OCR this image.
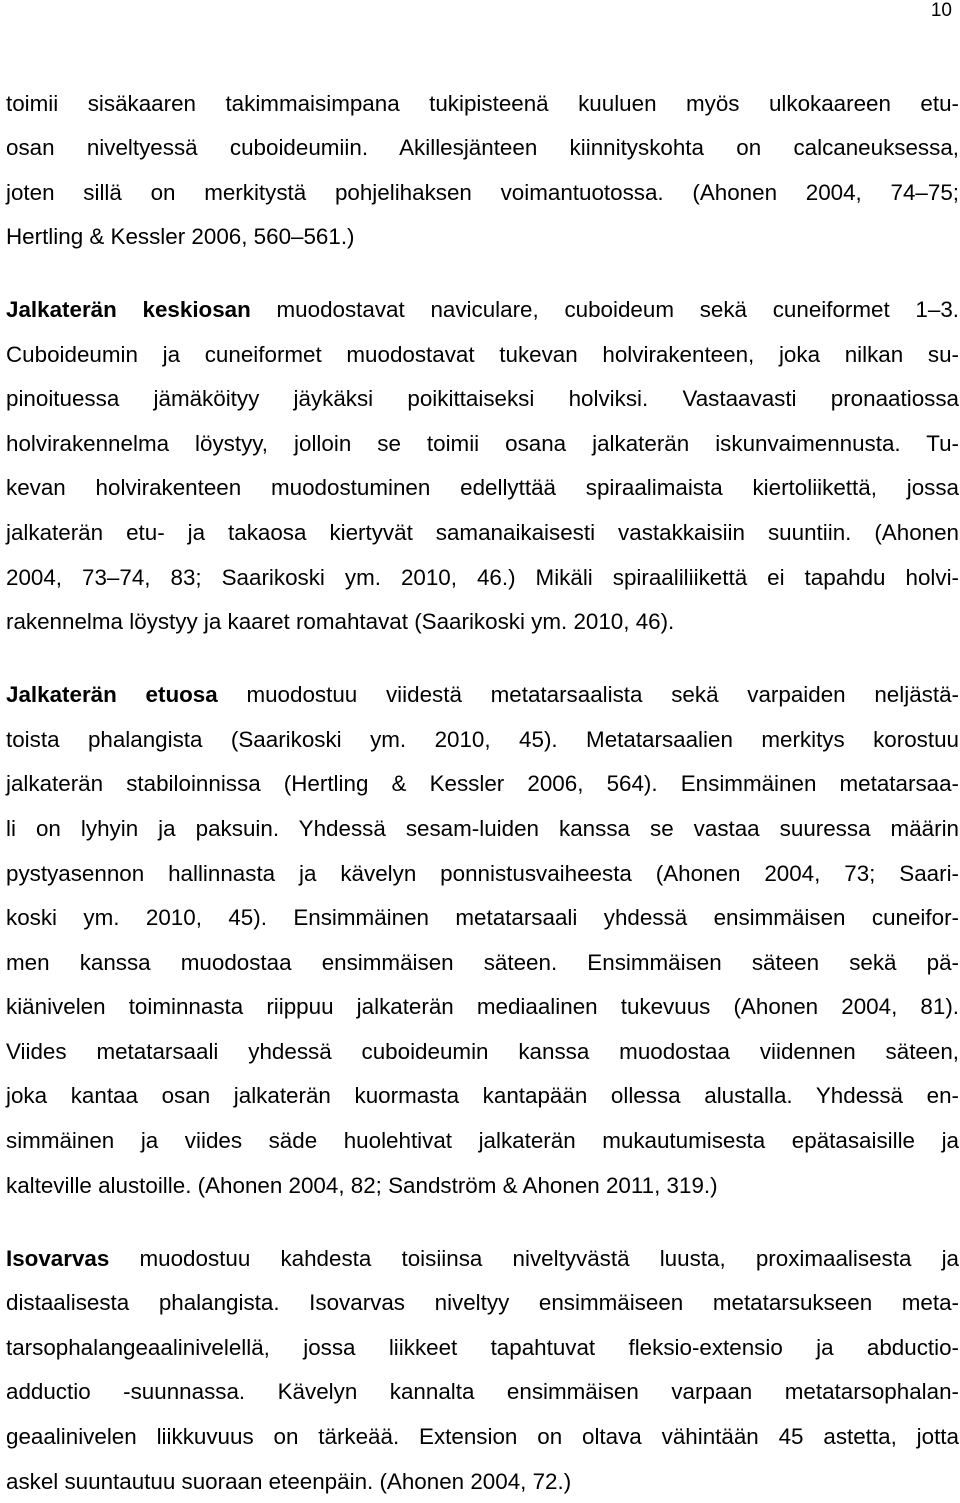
10
toimii sisäkaaren takimmaisimpana tukipisteenä kuuluen myös ulkokaareen etu-
osan niveltyessä cuboideumiin. Akillesjänteen kiinnityskohta on calcaneuksessa,
joten sillä on merkitystä pohjelihaksen voimantuotossa. (Ahonen 2004, 74‒75;
Hertling & Kessler 2006, 560‒561.)
Jalkaterän keskiosan muodostavat naviculare, cuboideum sekä cuneiformet 1‒3.
Cuboideumin ja cuneiformet muodostavat tukevan holvirakenteen, joka nilkan su-
pinoituessa jämäköityy jäykäksi poikittaiseksi holviksi. Vastaavasti pronaatiossa
holvirakennelma löystyy, jolloin se toimii osana jalkaterän iskunvaimennusta. Tu-
kevan holvirakenteen muodostuminen edellyttää spiraalimaista kiertoliikettä, jossa
jalkaterän etu- ja takaosa kiertyvät samanaikaisesti vastakkaisiin suuntiin. (Ahonen
2004, 73‒74, 83; Saarikoski ym. 2010, 46.) Mikäli spiraaliliikettä ei tapahdu holvi-
rakennelma löystyy ja kaaret romahtavat (Saarikoski ym. 2010, 46).
Jalkaterän etuosa muodostuu viidestä metatarsaalista sekä varpaiden neljästä-
toista phalangista (Saarikoski ym. 2010, 45). Metatarsaalien merkitys korostuu
jalkaterän stabiloinnissa (Hertling & Kessler 2006, 564). Ensimmäinen metatarsaa-
li on lyhyin ja paksuin. Yhdessä sesam-luiden kanssa se vastaa suuressa määrin
pystyasennon hallinnasta ja kävelyn ponnistusvaiheesta (Ahonen 2004, 73; Saari-
koski ym. 2010, 45). Ensimmäinen metatarsaali yhdessä ensimmäisen cuneifor-
men kanssa muodostaa ensimmäisen säteen. Ensimmäisen säteen sekä pä-
kiänivelen toiminnasta riippuu jalkaterän mediaalinen tukevuus (Ahonen 2004, 81).
Viides metatarsaali yhdessä cuboideumin kanssa muodostaa viidennen säteen,
joka kantaa osan jalkaterän kuormasta kantapään ollessa alustalla. Yhdessä en-
simmäinen ja viides säde huolehtivat jalkaterän mukautumisesta epätasaisille ja
kalteville alustoille. (Ahonen 2004, 82; Sandström & Ahonen 2011, 319.)
Isovarvas muodostuu kahdesta toisiinsa niveltyvästä luusta, proximaalisesta ja
distaalisesta phalangista. Isovarvas niveltyy ensimmäiseen metatarsukseen meta-
tarsophalangeaalinivelellä, jossa liikkeet tapahtuvat fleksio-extensio ja abductio-
adductio -suunnassa. Kävelyn kannalta ensimmäisen varpaan metatarsophalan-
geaalinivelen liikkuvuus on tärkeää. Extension on oltava vähintään 45 astetta, jotta
askel suuntautuu suoraan eteenpäin. (Ahonen 2004, 72.)
